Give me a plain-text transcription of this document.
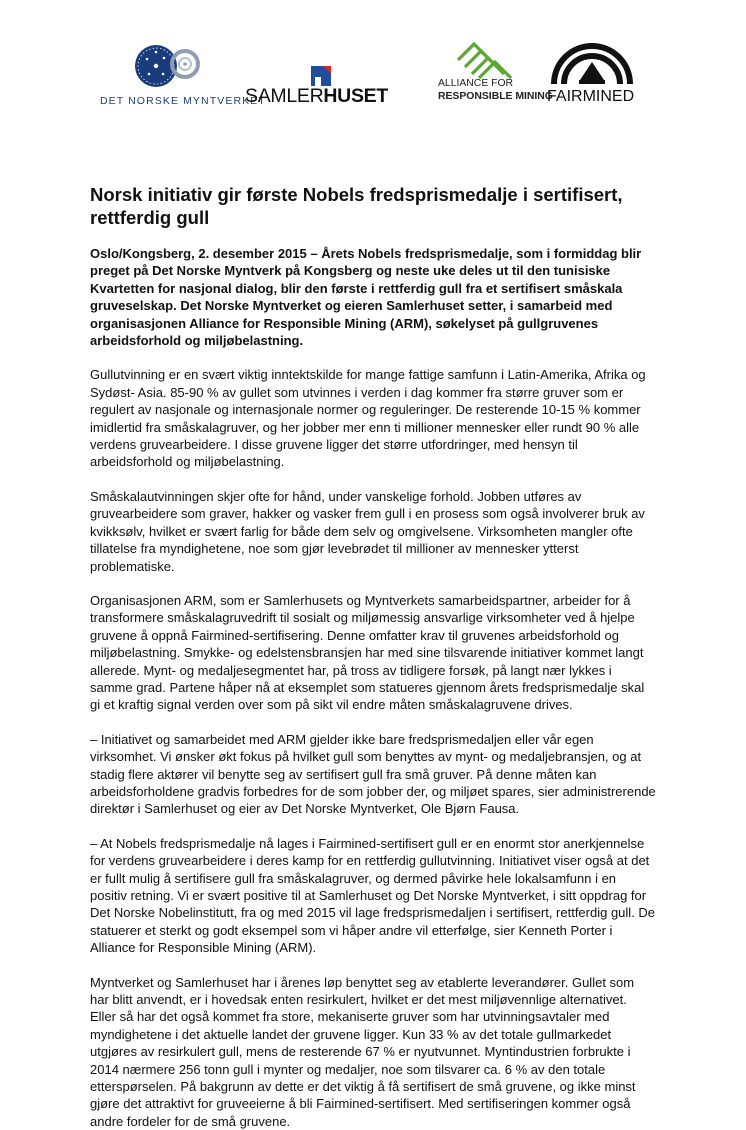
DET NORSKE MYNTVERKET
SAMLERHUSET
ALLIANCE FOR
RESPONSIBLE MINING
FAIRMINED
Norsk initiativ gir første Nobels fredsprismedalje i sertifisert, rettferdig gull

Oslo/Kongsberg, 2. desember 2015 – Årets Nobels fredsprismedalje, som i formiddag blir preget på Det Norske Myntverk på Kongsberg og neste uke deles ut til den tunisiske Kvartetten for nasjonal dialog, blir den første i rettferdig gull fra et sertifisert småskala gruveselskap. Det Norske Myntverket og eieren Samlerhuset setter, i samarbeid med organisasjonen Alliance for Responsible Mining (ARM), søkelyset på gullgruvenes arbeidsforhold og miljøbelastning.

Gullutvinning er en svært viktig inntektskilde for mange fattige samfunn i Latin-Amerika, Afrika og Sydøst- Asia. 85-90 % av gullet som utvinnes i verden i dag kommer fra større gruver som er regulert av nasjonale og internasjonale normer og reguleringer. De resterende 10-15 % kommer imidlertid fra småskalagruver, og her jobber mer enn ti millioner mennesker eller rundt 90 % alle verdens gruvearbeidere. I disse gruvene ligger det større utfordringer, med hensyn til arbeidsforhold og miljøbelastning.

Småskalautvinningen skjer ofte for hånd, under vanskelige forhold. Jobben utføres av gruvearbeidere som graver, hakker og vasker frem gull i en prosess som også involverer bruk av kvikksølv, hvilket er svært farlig for både dem selv og omgivelsene. Virksomheten mangler ofte tillatelse fra myndighetene, noe som gjør levebrødet til millioner av mennesker ytterst problematiske.

Organisasjonen ARM, som er Samlerhusets og Myntverkets samarbeidspartner, arbeider for å transformere småskalagruvedrift til sosialt og miljømessig ansvarlige virksomheter ved å hjelpe gruvene å oppnå Fairmined-sertifisering. Denne omfatter krav til gruvenes arbeidsforhold og miljøbelastning. Smykke- og edelstensbransjen har med sine tilsvarende initiativer kommet langt allerede. Mynt- og medaljesegmentet har, på tross av tidligere forsøk, på langt nær lykkes i samme grad. Partene håper nå at eksemplet som statueres gjennom årets fredsprismedalje skal gi et kraftig signal verden over som på sikt vil endre måten småskalagruvene drives.

– Initiativet og samarbeidet med ARM gjelder ikke bare fredsprismedaljen eller vår egen virksomhet. Vi ønsker økt fokus på hvilket gull som benyttes av mynt- og medaljebransjen, og at stadig flere aktører vil benytte seg av sertifisert gull fra små gruver. På denne måten kan arbeidsforholdene gradvis forbedres for de som jobber der, og miljøet spares, sier administrerende direktør i Samlerhuset og eier av Det Norske Myntverket, Ole Bjørn Fausa.

– At Nobels fredsprismedalje nå lages i Fairmined-sertifisert gull er en enormt stor anerkjennelse for verdens gruvearbeidere i deres kamp for en rettferdig gullutvinning. Initiativet viser også at det er fullt mulig å sertifisere gull fra småskalagruver, og dermed påvirke hele lokalsamfunn i en positiv retning. Vi er svært positive til at Samlerhuset og Det Norske Myntverket, i sitt oppdrag for Det Norske Nobelinstitutt, fra og med 2015 vil lage fredsprismedaljen i sertifisert, rettferdig gull. De statuerer et sterkt og godt eksempel som vi håper andre vil etterfølge, sier Kenneth Porter i Alliance for Responsible Mining (ARM).

Myntverket og Samlerhuset har i årenes løp benyttet seg av etablerte leverandører. Gullet som har blitt anvendt, er i hovedsak enten resirkulert, hvilket er det mest miljøvennlige alternativet. Eller så har det også kommet fra store, mekaniserte gruver som har utvinningsavtaler med myndighetene i det aktuelle landet der gruvene ligger. Kun 33 % av det totale gullmarkedet utgjøres av resirkulert gull, mens de resterende 67 % er nyutvunnet. Myntindustrien forbrukte i 2014 nærmere 256 tonn gull i mynter og medaljer, noe som tilsvarer ca. 6 % av den totale etterspørselen. På bakgrunn av dette er det viktig å få sertifisert de små gruvene, og ikke minst gjøre det attraktivt for gruveeierne å bli Fairmined-sertifisert. Med sertifiseringen kommer også andre fordeler for de små gruvene.
